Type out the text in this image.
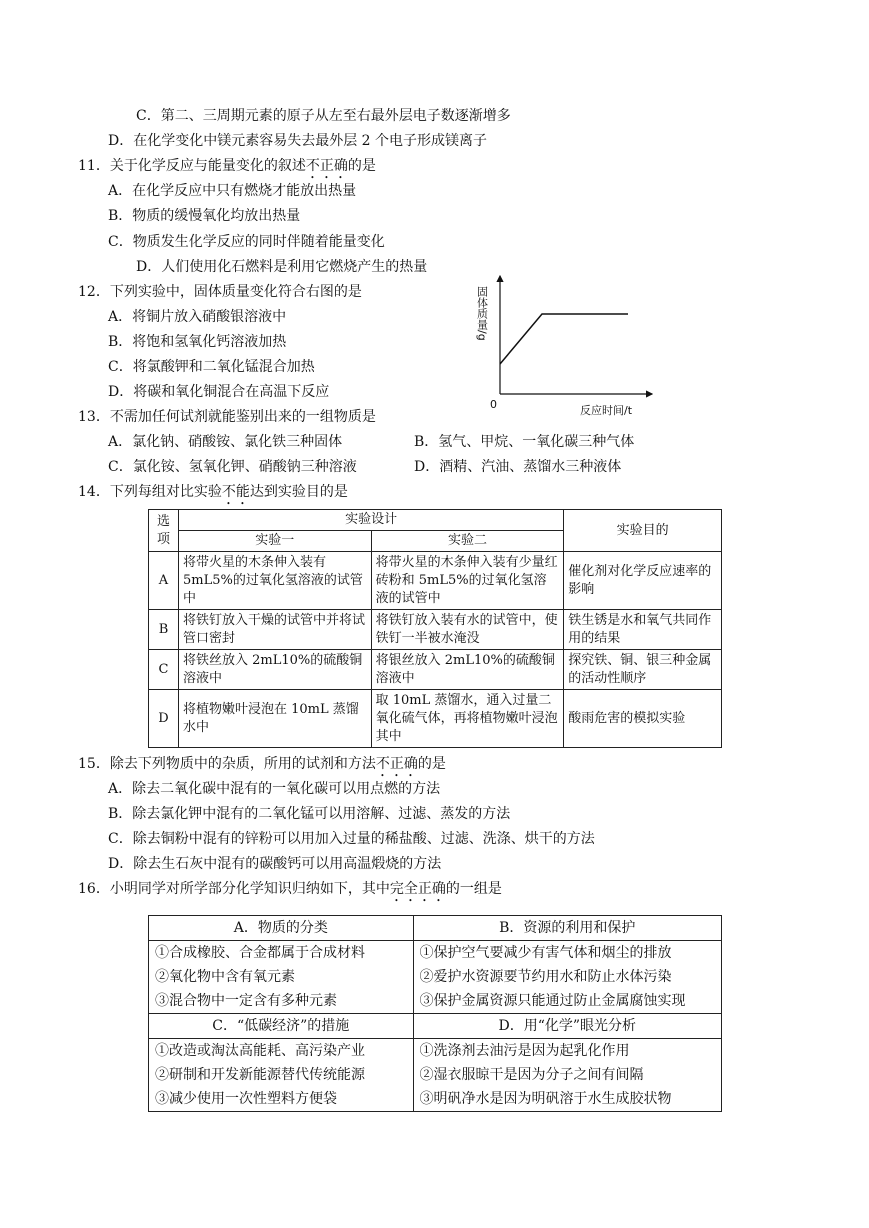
C．第二、三周期元素的原子从左至右最外层电子数逐渐增多
D．在化学变化中镁元素容易失去最外层 2 个电子形成镁离子
11．关于化学反应与能量变化的叙述不正确的是
A．在化学反应中只有燃烧才能放出热量
B．物质的缓慢氧化均放出热量
C．物质发生化学反应的同时伴随着能量变化
D．人们使用化石燃料是利用它燃烧产生的热量
12．下列实验中，固体质量变化符合右图的是
A．将铜片放入硝酸银溶液中
B．将饱和氢氧化钙溶液加热
C．将氯酸钾和二氧化锰混合加热
D．将碳和氧化铜混合在高温下反应
固体质量/g
0	反应时间/t
13．不需加任何试剂就能鉴别出来的一组物质是
A．氯化钠、硝酸铵、氯化铁三种固体	B．氢气、甲烷、一氧化碳三种气体
C．氯化铵、氢氧化钾、硝酸钠三种溶液	D．酒精、汽油、蒸馏水三种液体
14．下列每组对比实验不能达到实验目的是
选项	实验设计		实验目的
	实验一	实验二	
A	将带火星的木条伸入装有5mL5%的过氧化氢溶液的试管中	将带火星的木条伸入装有少量红砖粉和 5mL5%的过氧化氢溶液的试管中	催化剂对化学反应速率的影响
B	将铁钉放入干燥的试管中并将试管口密封	将铁钉放入装有水的试管中，使铁钉一半被水淹没	铁生锈是水和氧气共同作用的结果
C	将铁丝放入 2mL10%的硫酸铜溶液中	将银丝放入 2mL10%的硫酸铜溶液中	探究铁、铜、银三种金属的活动性顺序
D	将植物嫩叶浸泡在 10mL 蒸馏水中	取 10mL 蒸馏水，通入过量二氧化硫气体，再将植物嫩叶浸泡其中	酸雨危害的模拟实验
15．除去下列物质中的杂质，所用的试剂和方法不正确的是
A．除去二氧化碳中混有的一氧化碳可以用点燃的方法
B．除去氯化钾中混有的二氧化锰可以用溶解、过滤、蒸发的方法
C．除去铜粉中混有的锌粉可以用加入过量的稀盐酸、过滤、洗涤、烘干的方法
D．除去生石灰中混有的碳酸钙可以用高温煅烧的方法
16．小明同学对所学部分化学知识归纳如下，其中完全正确的一组是
A．物质的分类	B．资源的利用和保护
①合成橡胶、合金都属于合成材料	①保护空气要减少有害气体和烟尘的排放
②氧化物中含有氧元素	②爱护水资源要节约用水和防止水体污染
③混合物中一定含有多种元素	③保护金属资源只能通过防止金属腐蚀实现
C．“低碳经济”的措施	D．用“化学”眼光分析
①改造或淘汰高能耗、高污染产业	①洗涤剂去油污是因为起乳化作用
②研制和开发新能源替代传统能源	②湿衣服晾干是因为分子之间有间隔
③减少使用一次性塑料方便袋	③明矾净水是因为明矾溶于水生成胶状物
